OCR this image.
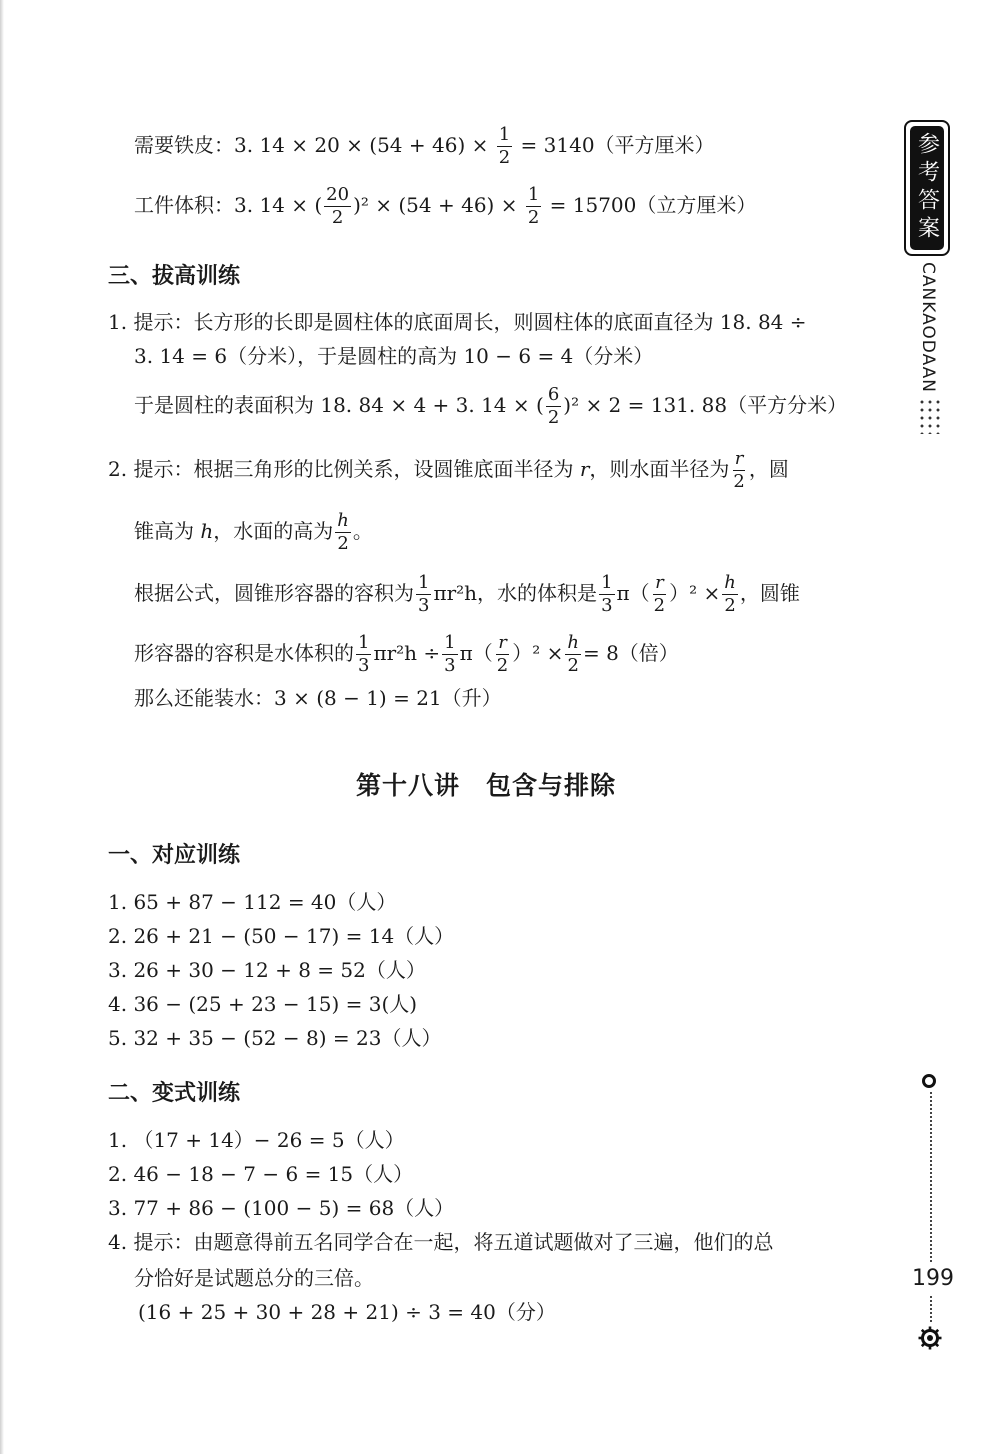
参考答案
CANKAODAAN
199
需要铁皮：3. $14 \times 20 \times (54 + 46) \times \frac{1}{2} = 3140$（平方厘米）
工件体积：3. 14 × ( $\frac{20}{2} )^2 \times (54 + 46) \times \frac{1}{2} = 15700$（立方厘米）
三、拔高训练
1. 提示：长方形的长即是圆柱体的底面周长，则圆柱体的底面直径为 18. 84 ÷
3. 14 = 6（分米），于是圆柱的高为 10 − 6 = 4（分米）
于是圆柱的表面积为 18. 84 × 4 + 3. 14 × ( $\frac{6}{2} )^2 \times 2 = 131$. 88（平方分米）
2. 提示：根据三角形的比例关系，设圆锥底面半径为 r，则水面半径为 $\frac{r}{2}$ ，圆
锥高为 h，水面的高为 $\frac{h}{2}$ 。
根据公式，圆锥形容器的容积为 $\frac{1}{3} \pi r^2h$，水的体积是 $\frac{1}{3} \pi( \frac{r}{2} )^2 \times \frac{h}{2}$ ，圆锥
形容器的容积是水体积的 $\frac{1}{3} \pi r^2h \div \frac{1}{3} \pi( \frac{r}{2} )^2 \times \frac{h}{2} = 8$（倍）
那么还能装水：3 × (8 − 1) = 21（升）
第十八讲　包含与排除
一、对应训练
1. 65 + 87 − 112 = 40（人）
2. 26 + 21 − (50 − 17) = 14（人）
3. 26 + 30 − 12 + 8 = 52（人）
4. 36 − (25 + 23 − 15) = 3(人)
5. 32 + 35 − (52 − 8) = 23（人）
二、变式训练
1. （17 + 14）− 26 = 5（人）
2. 46 − 18 − 7 − 6 = 15（人）
3. 77 + 86 − (100 − 5) = 68（人）
4. 提示：由题意得前五名同学合在一起，将五道试题做对了三遍，他们的总
分恰好是试题总分的三倍。
(16 + 25 + 30 + 28 + 21) ÷ 3 = 40（分）
